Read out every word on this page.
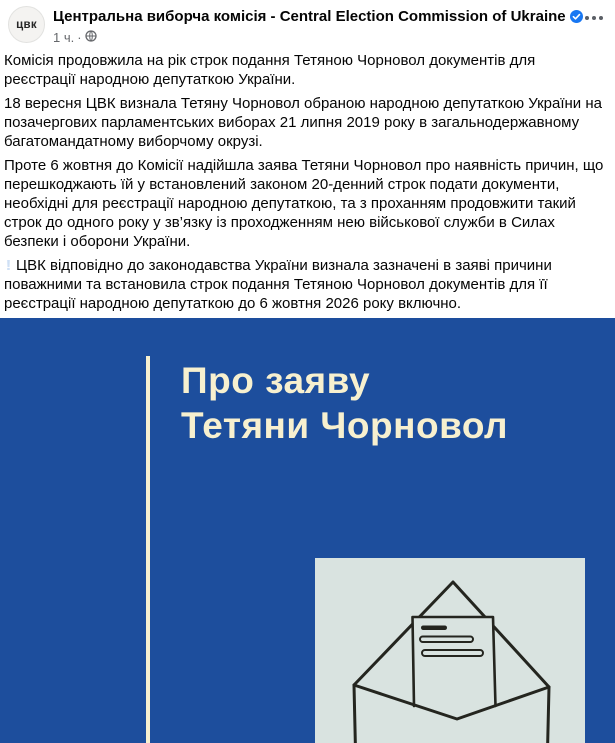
цвк Центральна виборча комісія - Central Election Commission of Ukraine
1 ч. ·

Комісія продовжила на рік строк подання Тетяною Чорновол документів для реєстрації народною депутаткою України.

18 вересня ЦВК визнала Тетяну Чорновол обраною народною депутаткою України на позачергових парламентських виборах 21 липня 2019 року в загальнодержавному багатомандатному виборчому окрузі.

Проте 6 жовтня до Комісії надійшла заява Тетяни Чорновол про наявність причин, що перешкоджають їй у встановлений законом 20-денний строк подати документи, необхідні для реєстрації народною депутаткою, та з проханням продовжити такий строк до одного року у зв’язку із проходженням нею військової служби в Силах безпеки і оборони України.

! ЦВК відповідно до законодавства України визнала зазначені в заяві причини поважними та встановила строк подання Тетяною Чорновол документів для її реєстрації народною депутаткою до 6 жовтня 2026 року включно.

Про заяву
Тетяни Чорновол
